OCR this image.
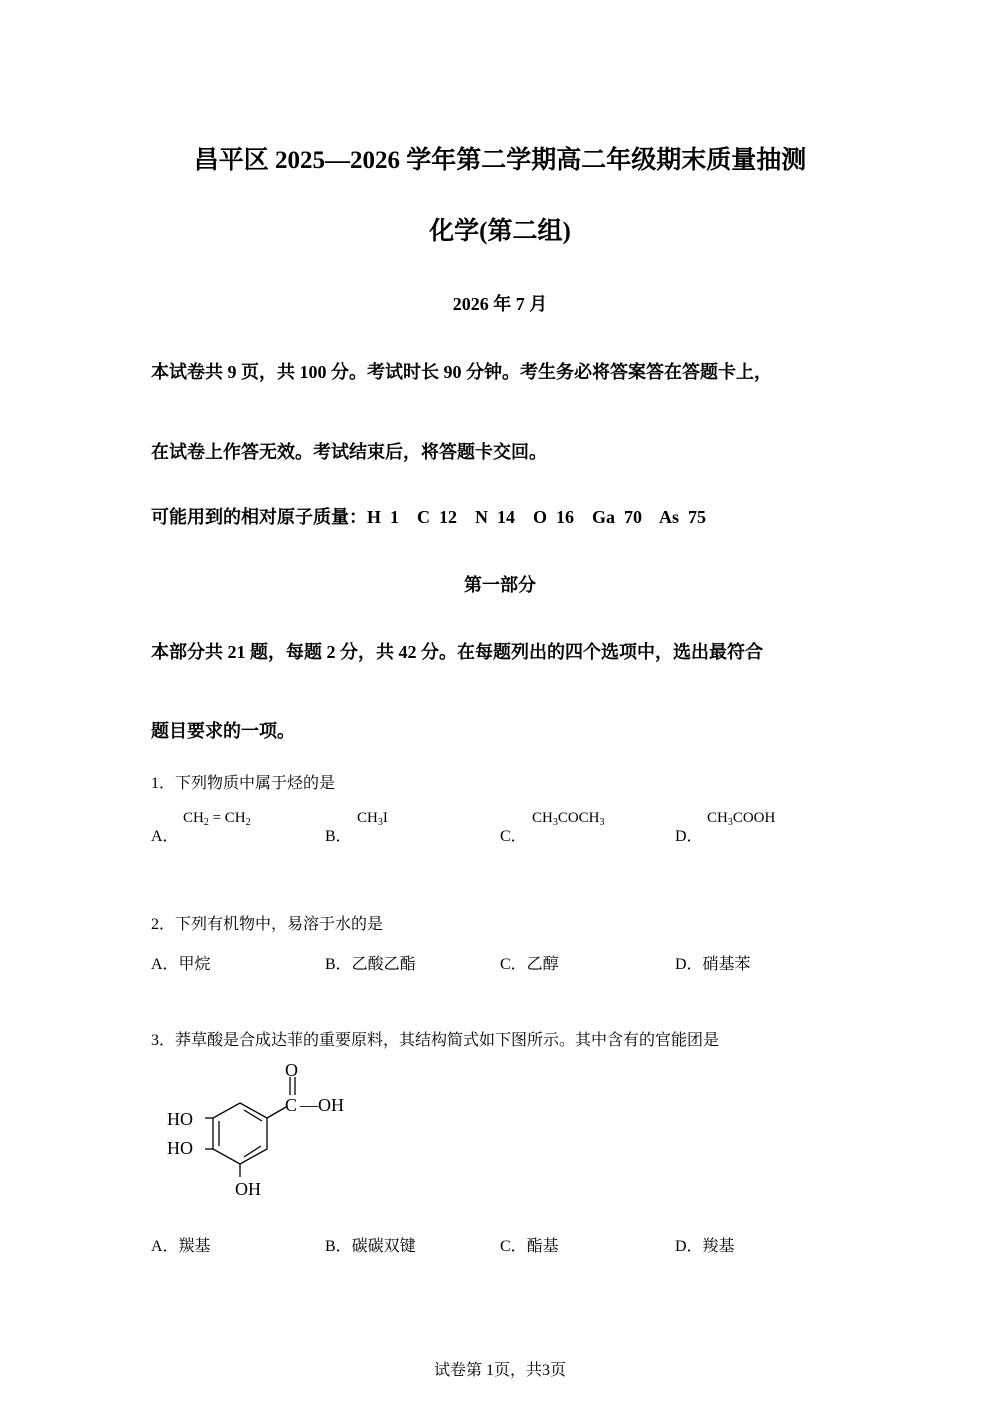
昌平区 2025—2026 学年第二学期高二年级期末质量抽测
化学(第二组)
2026 年 7 月
本试卷共 9 页，共 100 分。考试时长 90 分钟。考生务必将答案答在答题卡上，
在试卷上作答无效。考试结束后，将答题卡交回。
可能用到的相对原子质量：H  1    C  12    N  14    O  16    Ga  70    As  75
第一部分
本部分共 21 题，每题 2 分，共 42 分。在每题列出的四个选项中，选出最符合
题目要求的一项。
1．下列物质中属于烃的是
A．
$CH_2 = CH_2$
B．
$CH_3I$
C．
$CH_3COCH_3$
D．
$CH_3COOH$
2．下列有机物中，易溶于水的是
A．甲烷	B．乙酸乙酯	C．乙醇	D．硝基苯
3．莽草酸是合成达菲的重要原料，其结构简式如下图所示。其中含有的官能团是
O
C —OH
HO
HO
OH
A．羰基	B．碳碳双键	C．酯基	D．羧基
试卷第 1页，共3页
